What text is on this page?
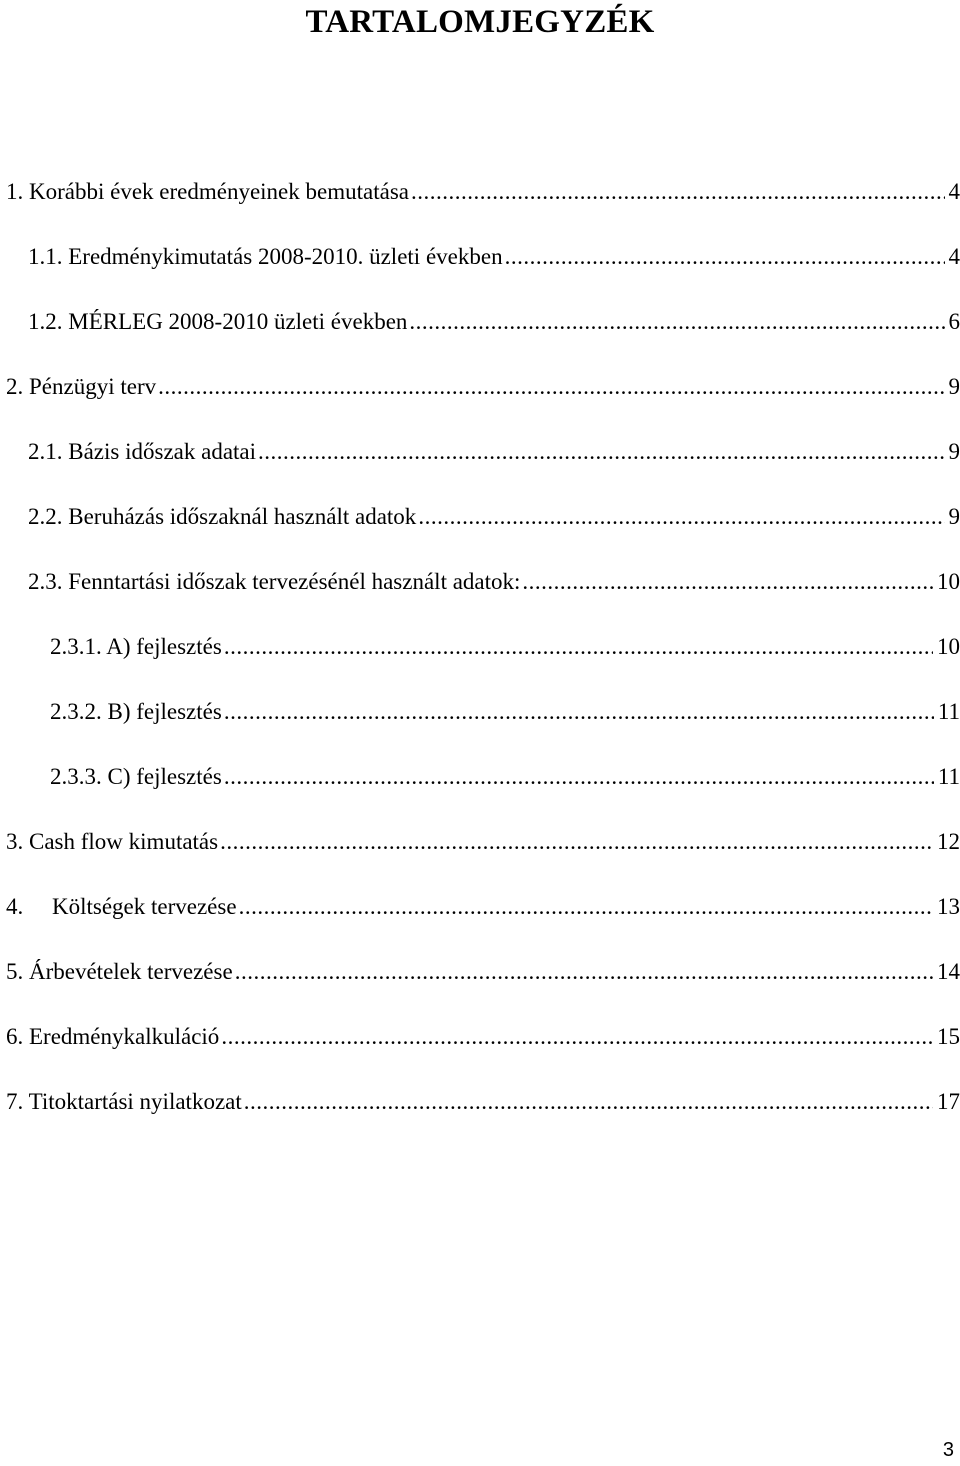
TARTALOMJEGYZÉK
1. Korábbi évek eredményeinek bemutatása .....	4
1.1. Eredménykimutatás 2008-2010. üzleti években .....	4
1.2. MÉRLEG 2008-2010 üzleti években .....	6
2. Pénzügyi terv .....	9
2.1. Bázis időszak adatai .....	9
2.2. Beruházás időszaknál használt adatok .....	9
2.3. Fenntartási időszak tervezésénél használt adatok: .....	10
2.3.1. A) fejlesztés .....	10
2.3.2. B) fejlesztés .....	11
2.3.3. C) fejlesztés .....	11
3. Cash flow kimutatás .....	12
4. Költségek tervezése .....	13
5. Árbevételek tervezése .....	14
6. Eredménykalkuláció .....	15
7. Titoktartási nyilatkozat .....	17
3
